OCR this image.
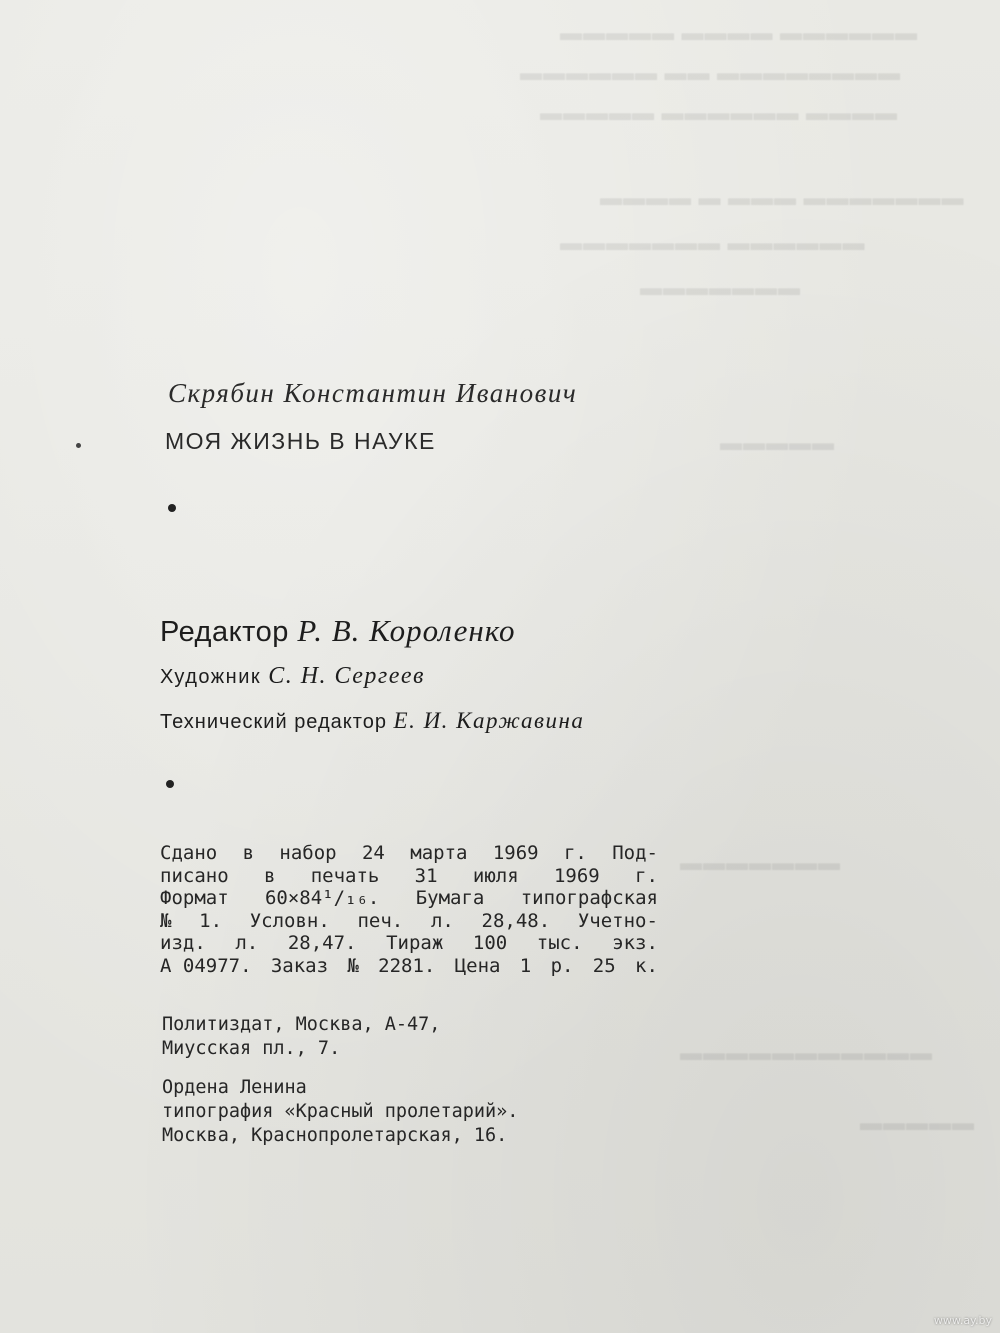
▬▬▬▬▬ ▬▬▬▬ ▬▬▬▬▬▬
▬▬▬▬▬▬ ▬▬ ▬▬▬▬▬▬▬▬
▬▬▬▬▬ ▬▬▬▬▬▬ ▬▬▬▬
▬▬▬▬ ▬ ▬▬▬ ▬▬▬▬▬▬▬
▬▬▬▬▬▬▬ ▬▬▬▬▬▬
▬▬▬▬▬▬▬
▬▬▬▬▬
▬▬▬▬▬▬▬
▬▬▬▬▬▬▬▬▬▬▬
▬▬▬▬▬
Скрябин Константин Иванович
МОЯ ЖИЗНЬ В НАУКЕ
Редактор Р. В. Короленко
Художник С. Н. Сергеев
Технический редактор Е. И. Каржавина
Сдано в набор 24 марта 1969 г. Под-
писано в печать 31 июля 1969 г.
Формат 60×84¹/₁₆. Бумага типографская
№ 1. Условн. печ. л. 28,48. Учетно-
изд. л. 28,47. Тираж 100 тыс. экз.
А 04977. Заказ № 2281. Цена 1 р. 25 к.
Политиздат, Москва, А-47,
Миусская пл., 7.
Ордена Ленина
типография «Красный пролетарий».
Москва, Краснопролетарская, 16.
www.ay.by
